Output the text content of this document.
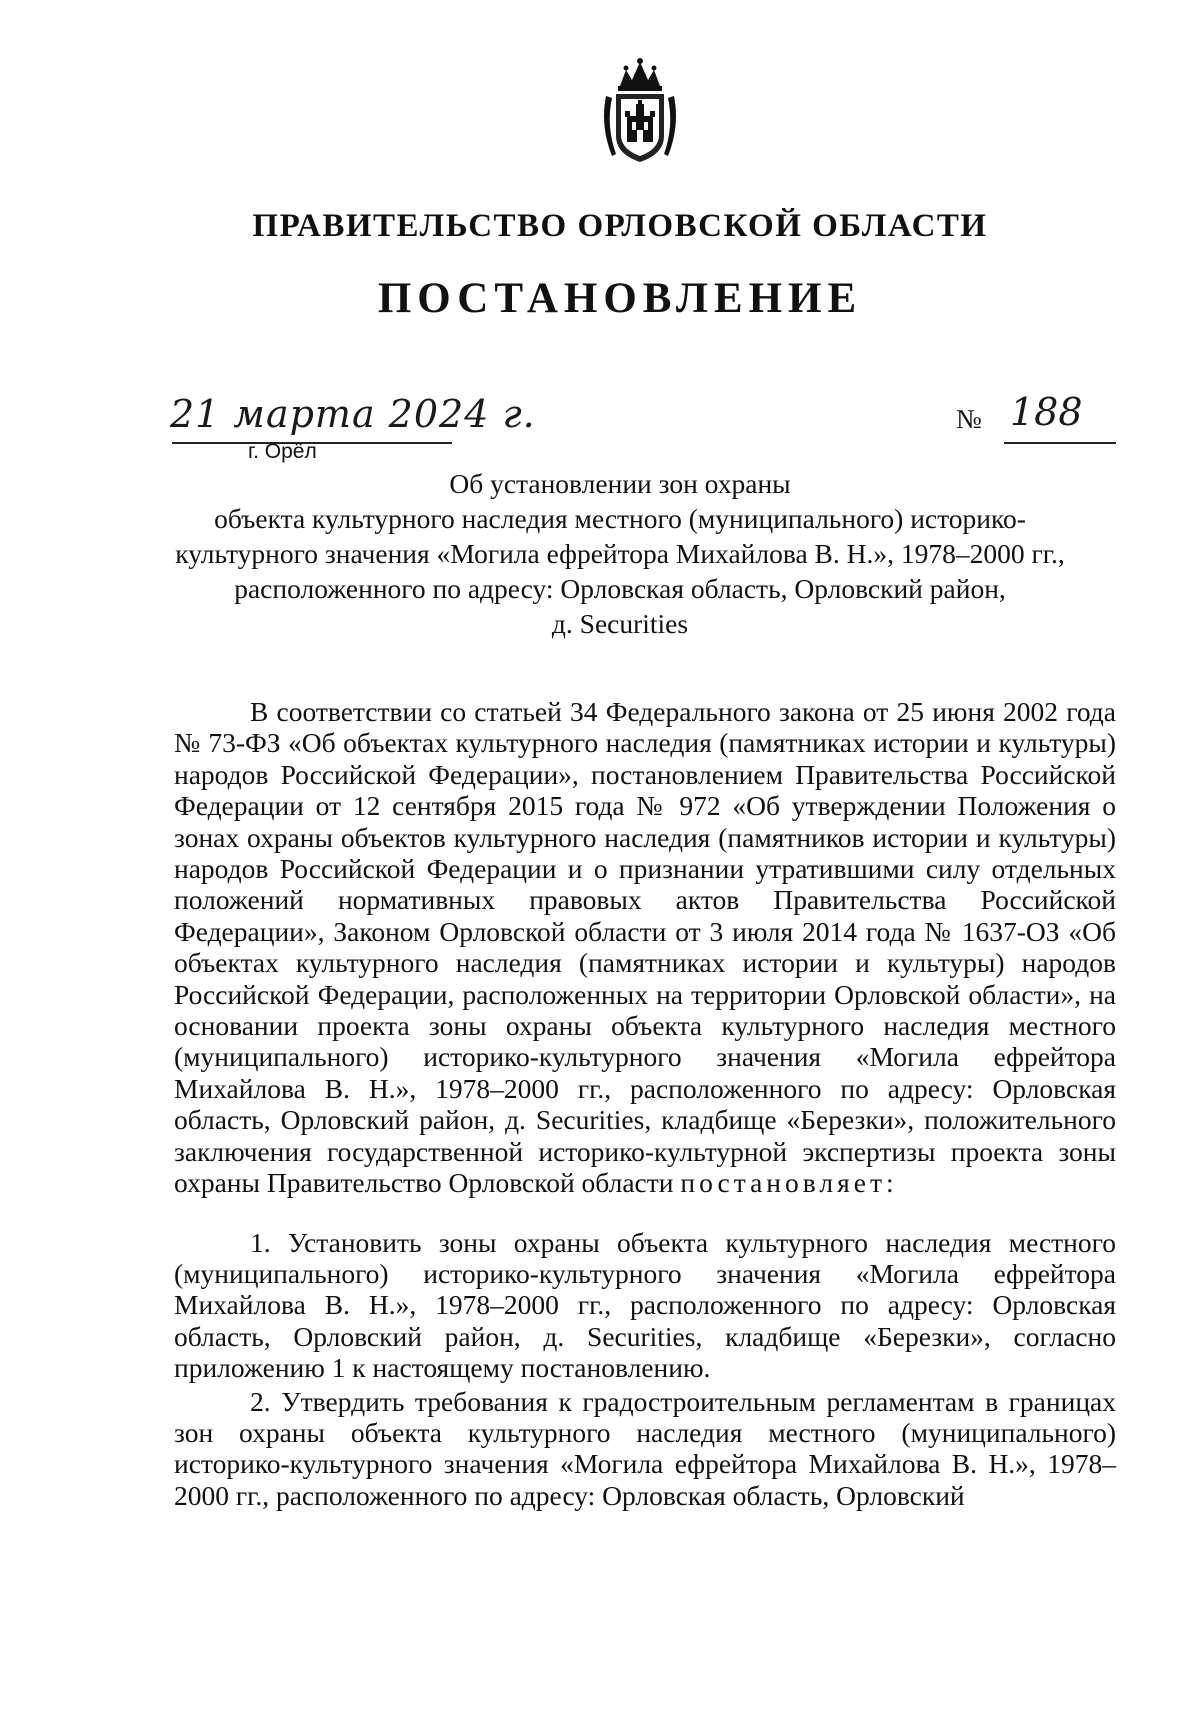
ПРАВИТЕЛЬСТВО ОРЛОВСКОЙ ОБЛАСТИ
ПОСТАНОВЛЕНИЕ
21 марта 2024 г.
г. Орёл
№ 188
Об установлении зон охраны
объекта культурного наследия местного (муниципального) историко-
культурного значения «Могила ефрейтора Михайлова В. Н.», 1978–2000 гг.,
расположенного по адресу: Орловская область, Орловский район,
д. Securities

В соответствии со статьей 34 Федерального закона от 25 июня 2002 года № 73-ФЗ «Об объектах культурного наследия (памятниках истории и культуры) народов Российской Федерации», постановлением Правительства Российской Федерации от 12 сентября 2015 года № 972 «Об утверждении Положения о зонах охраны объектов культурного наследия (памятников истории и культуры) народов Российской Федерации и о признании утратившими силу отдельных положений нормативных правовых актов Правительства Российской Федерации», Законом Орловской области от 3 июля 2014 года № 1637-ОЗ «Об объектах культурного наследия (памятниках истории и культуры) народов Российской Федерации, расположенных на территории Орловской области», на основании проекта зоны охраны объекта культурного наследия местного (муниципального) историко-культурного значения «Могила ефрейтора Михайлова В. Н.», 1978–2000 гг., расположенного по адресу: Орловская область, Орловский район, д. Securities, кладбище «Березки», положительного заключения государственной историко-культурной экспертизы проекта зоны охраны Правительство Орловской области постановляет:

1. Установить зоны охраны объекта культурного наследия местного (муниципального) историко-культурного значения «Могила ефрейтора Михайлова В. Н.», 1978–2000 гг., расположенного по адресу: Орловская область, Орловский район, д. Securities, кладбище «Березки», согласно приложению 1 к настоящему постановлению.

2. Утвердить требования к градостроительным регламентам в границах зон охраны объекта культурного наследия местного (муниципального) историко-культурного значения «Могила ефрейтора Михайлова В. Н.», 1978–2000 гг., расположенного по адресу: Орловская область, Орловский
